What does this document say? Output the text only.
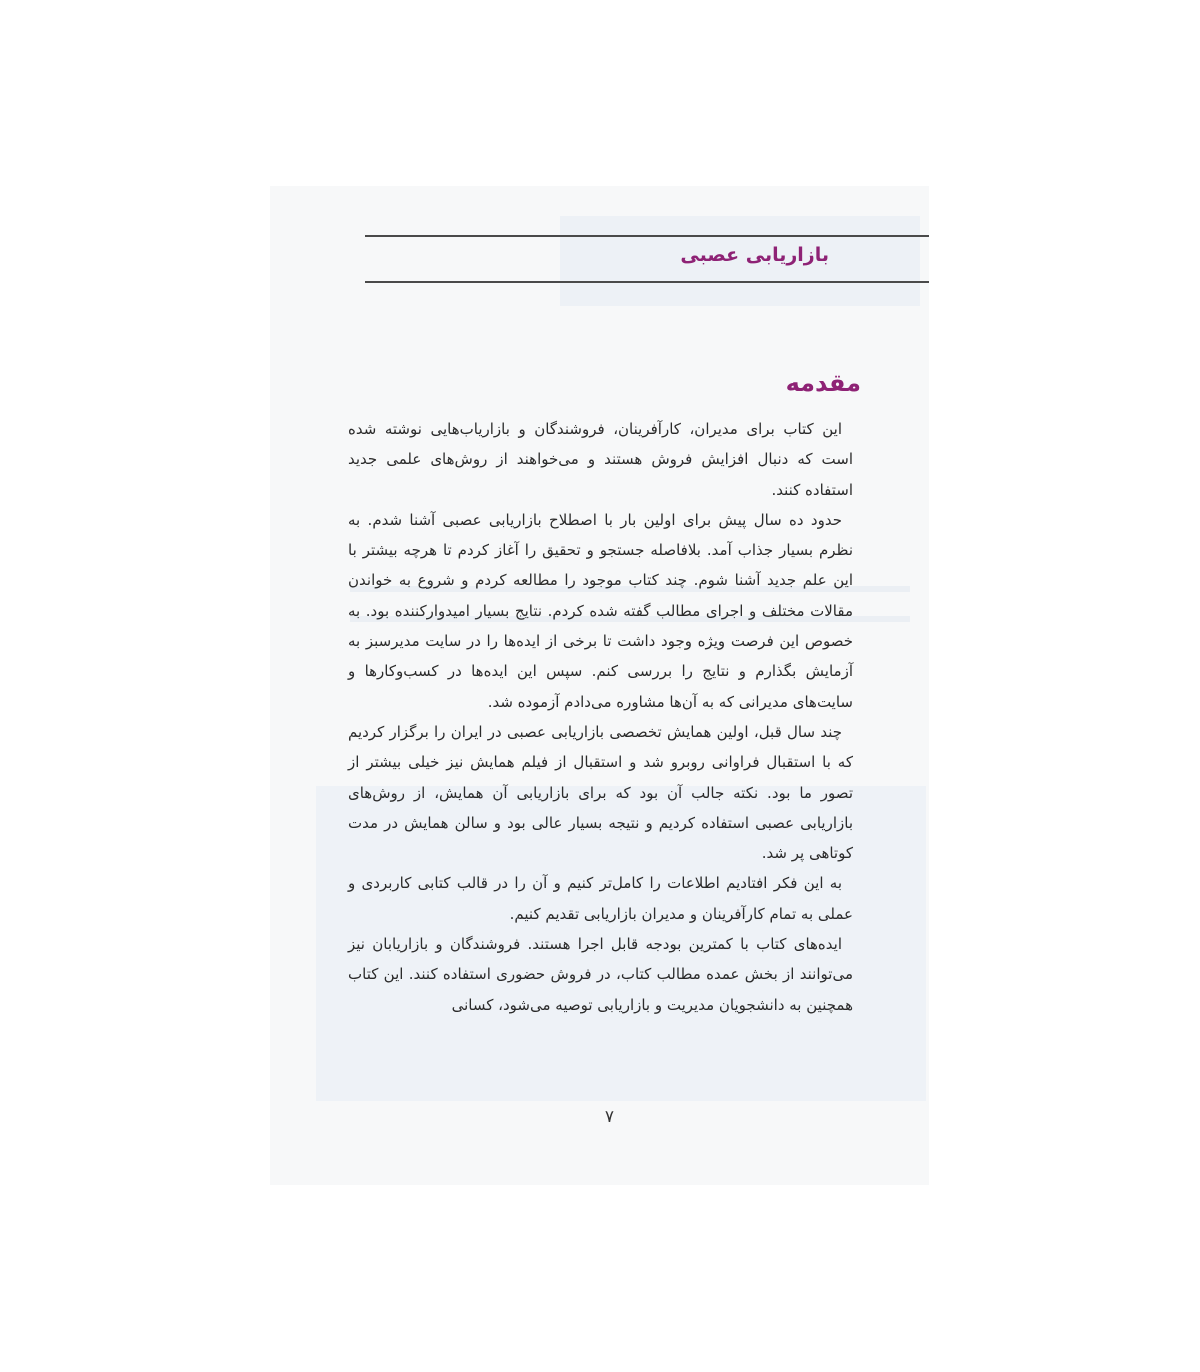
بازاریابی عصبی
مقدمه

این کتاب برای مدیران، کارآفرینان، فروشندگان و بازاریاب‌هایی نوشته شده است که دنبال افزایش فروش هستند و می‌خواهند از روش‌های علمی جدید استفاده کنند.

حدود ده سال پیش برای اولین بار با اصطلاح بازاریابی عصبی آشنا شدم. به نظرم بسیار جذاب آمد. بلافاصله جستجو و تحقیق را آغاز کردم تا هرچه بیشتر با این علم جدید آشنا شوم. چند کتاب موجود را مطالعه کردم و شروع به خواندن مقالات مختلف و اجرای مطالب گفته شده کردم. نتایج بسیار امیدوارکننده بود. به خصوص این فرصت ویژه وجود داشت تا برخی از ایده‌ها را در سایت مدیرسبز به آزمایش بگذارم و نتایج را بررسی کنم. سپس این ایده‌ها در کسب‌وکارها و سایت‌های مدیرانی که به آن‌ها مشاوره می‌دادم آزموده شد.

چند سال قبل، اولین همایش تخصصی بازاریابی عصبی در ایران را برگزار کردیم که با استقبال فراوانی روبرو شد و استقبال از فیلم همایش نیز خیلی بیشتر از تصور ما بود. نکته جالب آن بود که برای بازاریابی آن همایش، از روش‌های بازاریابی عصبی استفاده کردیم و نتیجه بسیار عالی بود و سالن همایش در مدت کوتاهی پر شد.

به این فکر افتادیم اطلاعات را کامل‌تر کنیم و آن را در قالب کتابی کاربردی و عملی به تمام کارآفرینان و مدیران بازاریابی تقدیم کنیم.

ایده‌های کتاب با کمترین بودجه قابل اجرا هستند. فروشندگان و بازاریابان نیز می‌توانند از بخش عمده مطالب کتاب، در فروش حضوری استفاده کنند. این کتاب همچنین به دانشجویان مدیریت و بازاریابی توصیه می‌شود، کسانی

۷
